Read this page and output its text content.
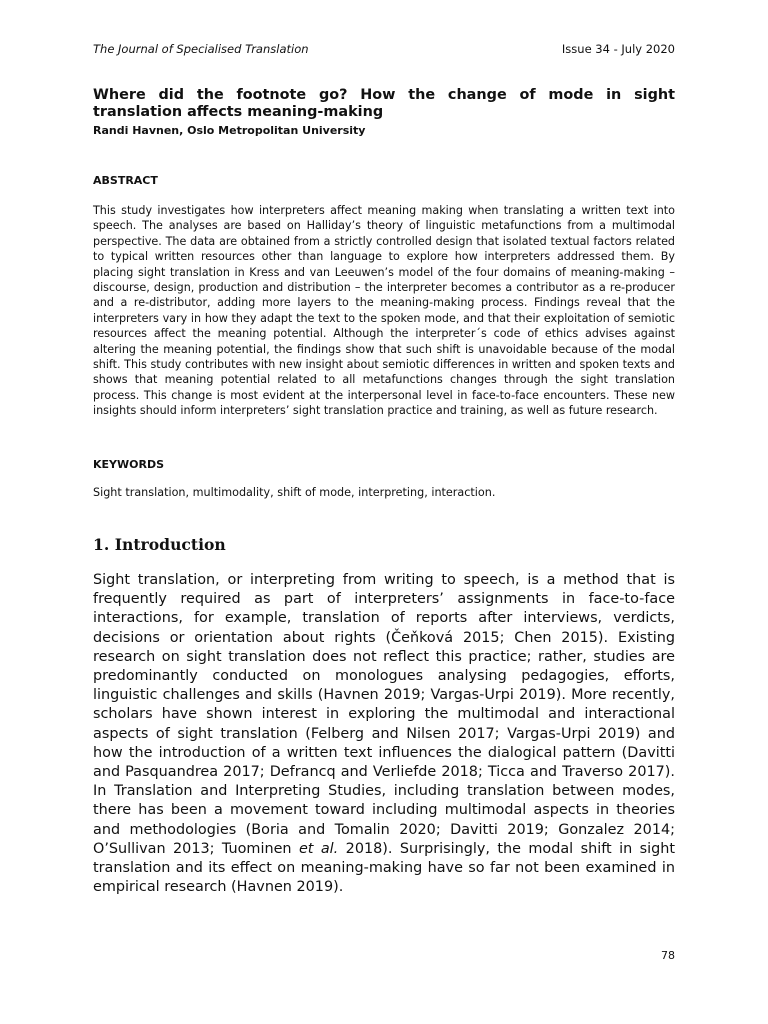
The Journal of Specialised Translation	Issue 34 - July 2020
Where did the footnote go? How the change of mode in sight translation affects meaning-making

Randi Havnen, Oslo Metropolitan University

ABSTRACT

This study investigates how interpreters affect meaning making when translating a written text into speech. The analyses are based on Halliday’s theory of linguistic metafunctions from a multimodal perspective. The data are obtained from a strictly controlled design that isolated textual factors related to typical written resources other than language to explore how interpreters addressed them. By placing sight translation in Kress and van Leeuwen’s model of the four domains of meaning-making – discourse, design, production and distribution – the interpreter becomes a contributor as a re-producer and a re-distributor, adding more layers to the meaning-making process. Findings reveal that the interpreters vary in how they adapt the text to the spoken mode, and that their exploitation of semiotic resources affect the meaning potential. Although the interpreter´s code of ethics advises against altering the meaning potential, the findings show that such shift is unavoidable because of the modal shift. This study contributes with new insight about semiotic differences in written and spoken texts and shows that meaning potential related to all metafunctions changes through the sight translation process. This change is most evident at the interpersonal level in face-to-face encounters. These new insights should inform interpreters’ sight translation practice and training, as well as future research.

KEYWORDS

Sight translation, multimodality, shift of mode, interpreting, interaction.

1. Introduction

Sight translation, or interpreting from writing to speech, is a method that is frequently required as part of interpreters’ assignments in face-to-face interactions, for example, translation of reports after interviews, verdicts, decisions or orientation about rights (Čeňková 2015; Chen 2015). Existing research on sight translation does not reflect this practice; rather, studies are predominantly conducted on monologues analysing pedagogies, efforts, linguistic challenges and skills (Havnen 2019; Vargas-Urpi 2019). More recently, scholars have shown interest in exploring the multimodal and interactional aspects of sight translation (Felberg and Nilsen 2017; Vargas-Urpi 2019) and how the introduction of a written text influences the dialogical pattern (Davitti and Pasquandrea 2017; Defrancq and Verliefde 2018; Ticca and Traverso 2017). In Translation and Interpreting Studies, including translation between modes, there has been a movement toward including multimodal aspects in theories and methodologies (Boria and Tomalin 2020; Davitti 2019; Gonzalez 2014; O’Sullivan 2013; Tuominen et al. 2018). Surprisingly, the modal shift in sight translation and its effect on meaning-making have so far not been examined in empirical research (Havnen 2019).

78
